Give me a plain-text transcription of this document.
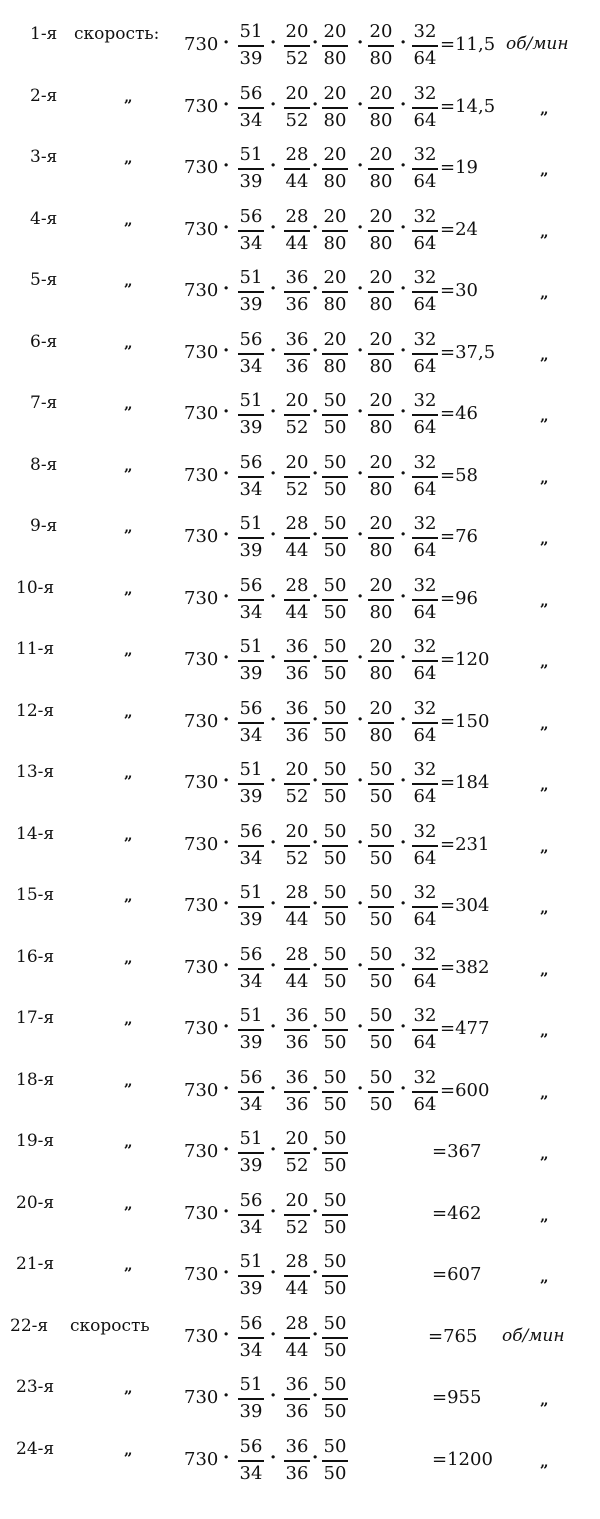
1-я скорость: 730 ·
51
39
·
20
52
·
20
80
·
20
80
·
32
64
=11,5 об/мин
2-я	„	730 ·
56
34
·
20
52
·
20
80
·
20
80
·
32
64
=14,5	„
3-я	„	730 ·
51
39
·
28
44
·
20
80
·
20
80
·
32
64
=19	„
4-я	„	730 ·
56
34
·
28
44
·
20
80
·
20
80
·
32
64
=24	„
5-я	„	730 ·
51
39
·
36
36
·
20
80
·
20
80
·
32
64
=30	„
6-я	„	730 ·
56
34
·
36
36
·
20
80
·
20
80
·
32
64
=37,5	„
7-я	„	730 ·
51
39
·
20
52
·
50
50
·
20
80
·
32
64
=46	„
8-я	„	730 ·
56
34
·
20
52
·
50
50
·
20
80
·
32
64
=58	„
9-я	„	730 ·
51
39
·
28
44
·
50
50
·
20
80
·
32
64
=76	„
10-я	„	730 ·
56
34
·
28
44
·
50
50
·
20
80
·
32
64
=96	„
11-я	„	730 ·
51
39
·
36
36
·
50
50
·
20
80
·
32
64
=120	„
12-я	„	730 ·
56
34
·
36
36
·
50
50
·
20
80
·
32
64
=150	„
13-я	„	730 ·
51
39
·
20
52
·
50
50
·
50
50
·
32
64
=184	„
14-я	„	730 ·
56
34
·
20
52
·
50
50
·
50
50
·
32
64
=231	„
15-я	„	730 ·
51
39
·
28
44
·
50
50
·
50
50
·
32
64
=304	„
16-я	„	730 ·
56
34
·
28
44
·
50
50
·
50
50
·
32
64
=382	„
17-я	„	730 ·
51
39
·
36
36
·
50
50
·
50
50
·
32
64
=477	„
18-я	„	730 ·
56
34
·
36
36
·
50
50
·
50
50
·
32
64
=600	„
19-я	„	730 ·
51
39
·
20
52
·
50
50
=367	„
20-я	„	730 ·
56
34
·
20
52
·
50
50
=462	„
21-я	„	730 ·
51
39
·
28
44
·
50
50
=607	„
22-я скорость 730 ·
56
34
·
28
44
·
50
50
=765 об/мин
23-я	„	730 ·
51
39
·
36
36
·
50
50
=955	„
24-я	„	730 ·
56
34
·
36
36
·
50
50
=1200	„
